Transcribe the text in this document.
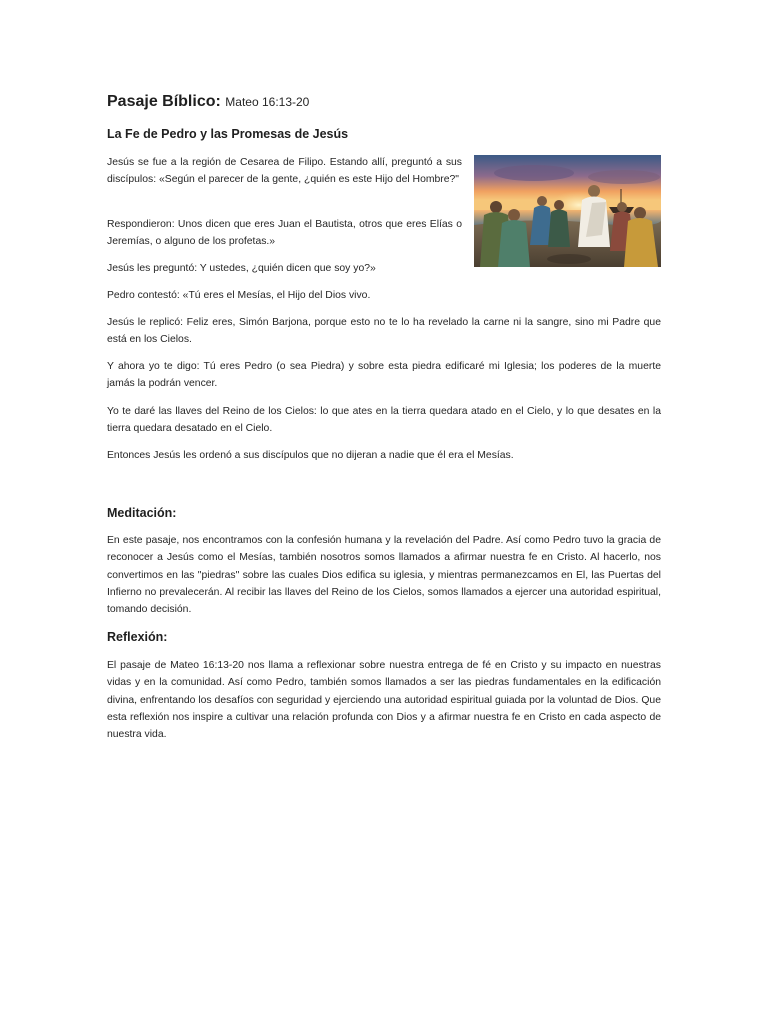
Pasaje Bíblico: Mateo 16:13-20
La Fe de Pedro y las Promesas de Jesús

Jesús se fue a la región de Cesarea de Filipo. Estando allí, preguntó a sus discípulos: «Según el parecer de la gente, ¿quién es este Hijo del Hombre?"

Respondieron: Unos dicen que eres Juan el Bautista, otros que eres Elías o Jeremías, o alguno de los profetas.»

Jesús les preguntó: Y ustedes, ¿quién dicen que soy yo?»

Pedro contestó: «Tú eres el Mesías, el Hijo del Dios vivo.

Jesús le replicó: Feliz eres, Simón Barjona, porque esto no te lo ha revelado la carne ni la sangre, sino mi Padre que está en los Cielos.

Y ahora yo te digo: Tú eres Pedro (o sea Piedra) y sobre esta piedra edificaré mi Iglesia; los poderes de la muerte jamás la podrán vencer.

Yo te daré las llaves del Reino de los Cielos: lo que ates en la tierra quedara atado en el Cielo, y lo que desates en la tierra quedara desatado en el Cielo.

Entonces Jesús les ordenó a sus discípulos que no dijeran a nadie que él era el Mesías.

Meditación:

En este pasaje, nos encontramos con la confesión humana y la revelación del Padre. Así como Pedro tuvo la gracia de reconocer a Jesús como el Mesías, también nosotros somos llamados a afirmar nuestra fe en Cristo. Al hacerlo, nos convertimos en las "piedras" sobre las cuales Dios edifica su iglesia, y mientras permanezcamos en El, las Puertas del Infierno no prevalecerán. Al recibir las llaves del Reino de los Cielos, somos llamados a ejercer una autoridad espiritual, tomando decisión.

Reflexión:

El pasaje de Mateo 16:13-20 nos llama a reflexionar sobre nuestra entrega de fé en Cristo y su impacto en nuestras vidas y en la comunidad. Así como Pedro, también somos llamados a ser las piedras fundamentales en la edificación divina, enfrentando los desafíos con seguridad y ejerciendo una autoridad espiritual guiada por la voluntad de Dios. Que esta reflexión nos inspire a cultivar una relación profunda con Dios y a afirmar nuestra fe en Cristo en cada aspecto de nuestra vida.
